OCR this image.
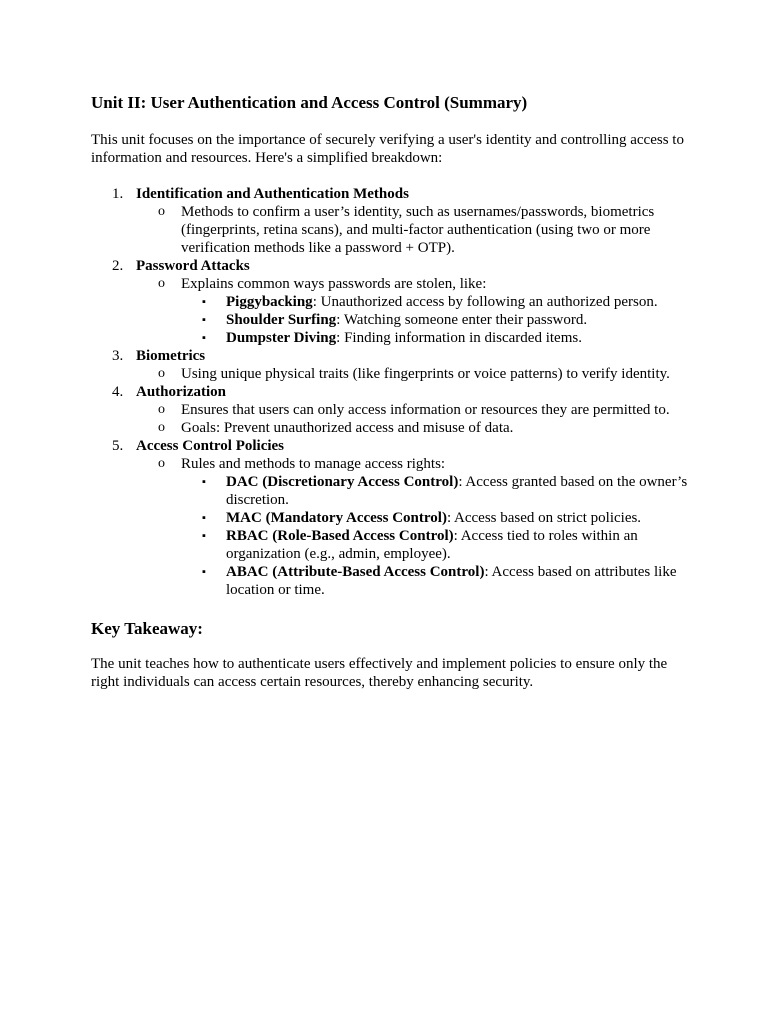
Unit II: User Authentication and Access Control (Summary)

This unit focuses on the importance of securely verifying a user's identity and controlling access to information and resources. Here's a simplified breakdown:

1. Identification and Authentication Methods
o Methods to confirm a user’s identity, such as usernames/passwords, biometrics (fingerprints, retina scans), and multi-factor authentication (using two or more verification methods like a password + OTP).
2. Password Attacks
o Explains common ways passwords are stolen, like:
▪ Piggybacking: Unauthorized access by following an authorized person.
▪ Shoulder Surfing: Watching someone enter their password.
▪ Dumpster Diving: Finding information in discarded items.
3. Biometrics
o Using unique physical traits (like fingerprints or voice patterns) to verify identity.
4. Authorization
o Ensures that users can only access information or resources they are permitted to.
o Goals: Prevent unauthorized access and misuse of data.
5. Access Control Policies
o Rules and methods to manage access rights:
▪ DAC (Discretionary Access Control): Access granted based on the owner’s discretion.
▪ MAC (Mandatory Access Control): Access based on strict policies.
▪ RBAC (Role-Based Access Control): Access tied to roles within an organization (e.g., admin, employee).
▪ ABAC (Attribute-Based Access Control): Access based on attributes like location or time.
Key Takeaway:

The unit teaches how to authenticate users effectively and implement policies to ensure only the right individuals can access certain resources, thereby enhancing security.
